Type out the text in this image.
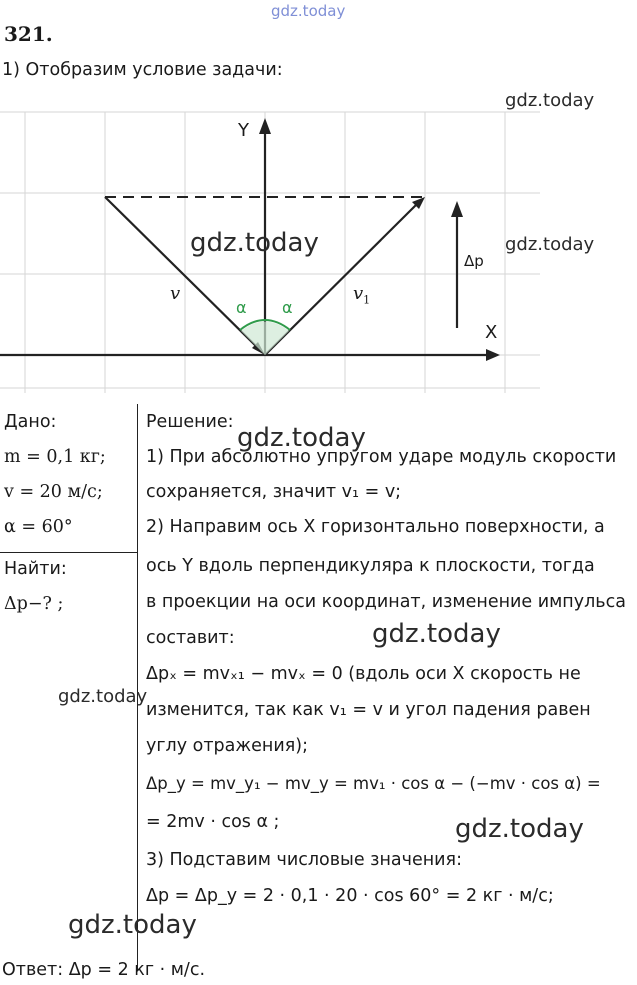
gdz.today
321 .
1) Отобразим условие задачи:
Y
X
v	$v_1$
α α
Δp
Дано:
m = 0,1 кг;
v = 20 м/с;
α = 60°
Найти:
Δp−? ;
Решение:
1) При абсолютно упругом ударе модуль скорости
сохраняется, значит v₁ = v;
2) Направим ось X горизонтально поверхности, а
ось Y вдоль перпендикуляра к плоскости, тогда
в проекции на оси координат, изменение импульса
составит:
Δpₓ = mvₓ₁ − mvₓ = 0 (вдоль оси X скорость не
изменится, так как v₁ = v и угол падения равен
углу отражения);
Δp_y = mv_y₁ − mv_y = mv₁ · cos α − (−mv · cos α) =
= 2mv · cos α ;
3) Подставим числовые значения:
Δp = Δp_y = 2 · 0,1 · 20 · cos 60° = 2 кг · м/с;
Ответ: Δp = 2 кг · м/с.
gdz.today
gdz.today	gdz.today
gdz.today
gdz.today
gdz.today
gdz.today
gdz.today
